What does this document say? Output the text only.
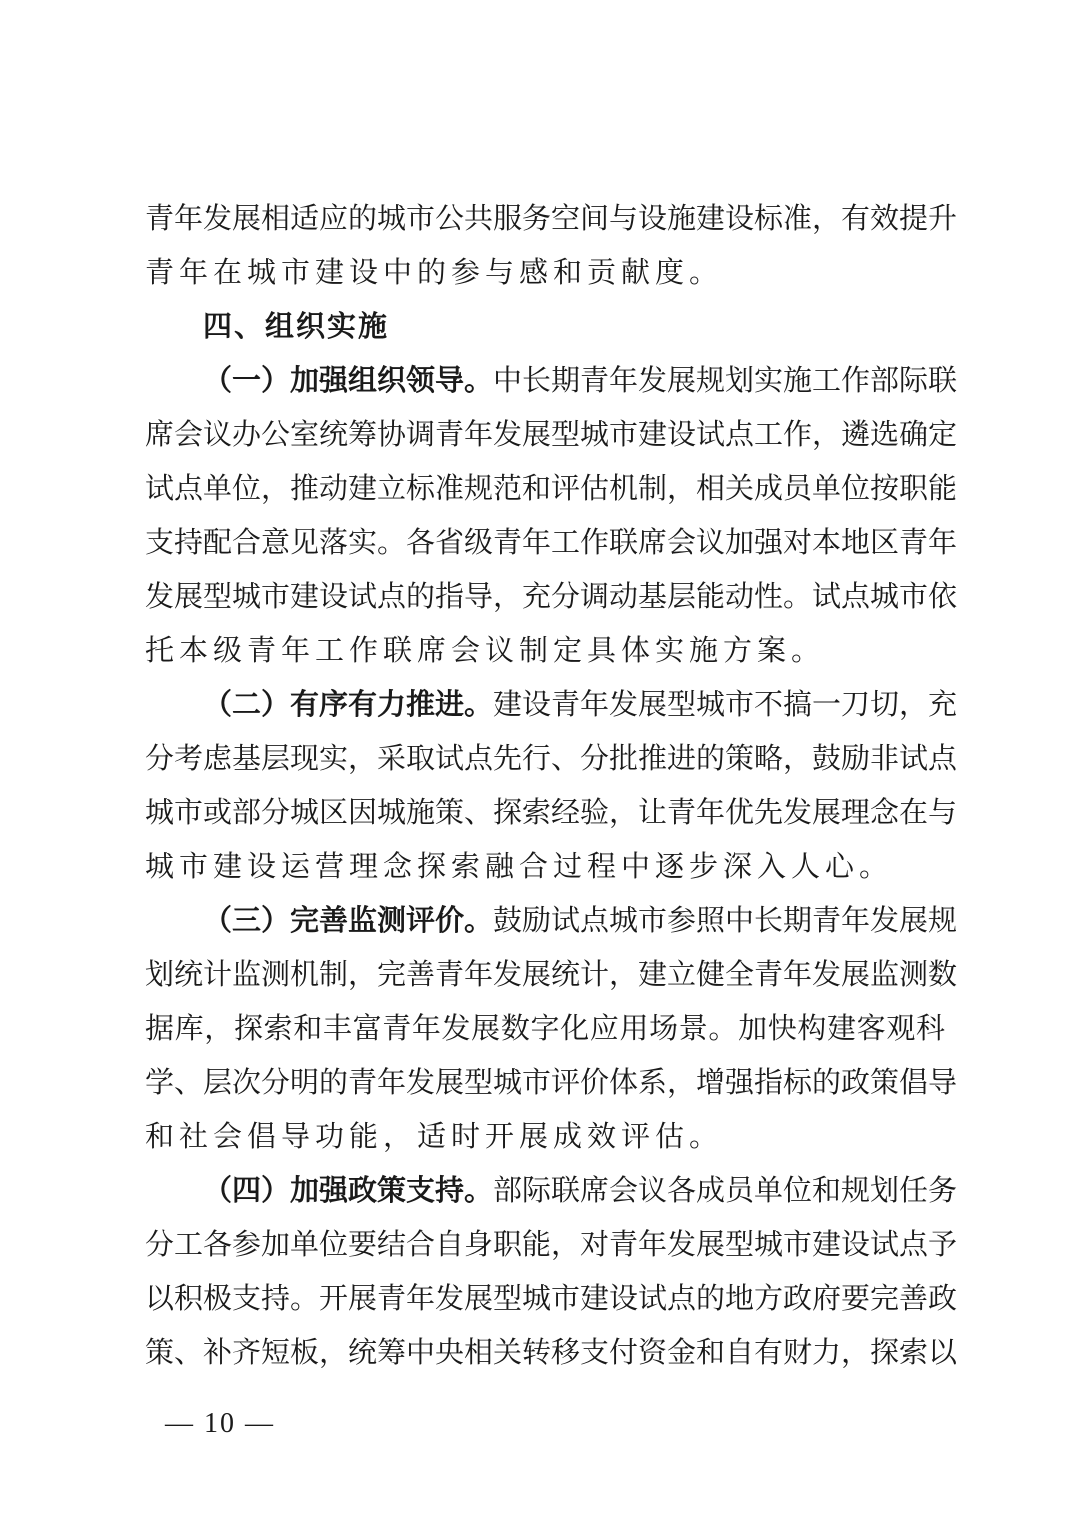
青年发展相适应的城市公共服务空间与设施建设标准，有效提升
青年在城市建设中的参与感和贡献度。
四、组织实施
（一）加强组织领导。中长期青年发展规划实施工作部际联
席会议办公室统筹协调青年发展型城市建设试点工作，遴选确定
试点单位，推动建立标准规范和评估机制，相关成员单位按职能
支持配合意见落实。各省级青年工作联席会议加强对本地区青年
发展型城市建设试点的指导，充分调动基层能动性。试点城市依
托本级青年工作联席会议制定具体实施方案。
（二）有序有力推进。建设青年发展型城市不搞一刀切，充
分考虑基层现实，采取试点先行、分批推进的策略，鼓励非试点
城市或部分城区因城施策、探索经验，让青年优先发展理念在与
城市建设运营理念探索融合过程中逐步深入人心。
（三）完善监测评价。鼓励试点城市参照中长期青年发展规
划统计监测机制，完善青年发展统计，建立健全青年发展监测数
据库，探索和丰富青年发展数字化应用场景。加快构建客观科
学、层次分明的青年发展型城市评价体系，增强指标的政策倡导
和社会倡导功能，适时开展成效评估。
（四）加强政策支持。部际联席会议各成员单位和规划任务
分工各参加单位要结合自身职能，对青年发展型城市建设试点予
以积极支持。开展青年发展型城市建设试点的地方政府要完善政
策、补齐短板，统筹中央相关转移支付资金和自有财力，探索以
— 10 —
